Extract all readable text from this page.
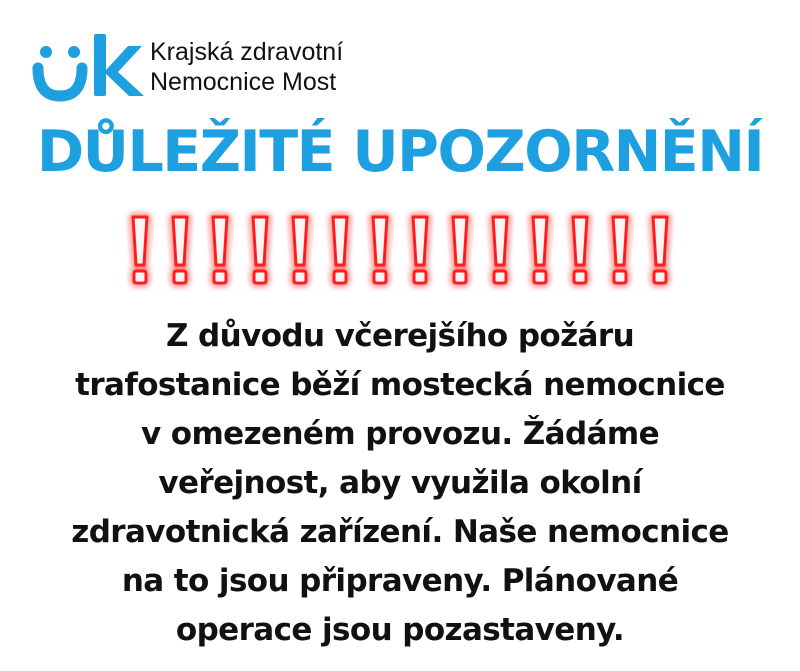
Krajská zdravotní
Nemocnice Most
DŮLEŽITÉ UPOZORNĚNÍ
Z důvodu včerejšího požáru
trafostanice běží mostecká nemocnice
v omezeném provozu. Žádáme
veřejnost, aby využila okolní
zdravotnická zařízení. Naše nemocnice
na to jsou připraveny. Plánované
operace jsou pozastaveny.
